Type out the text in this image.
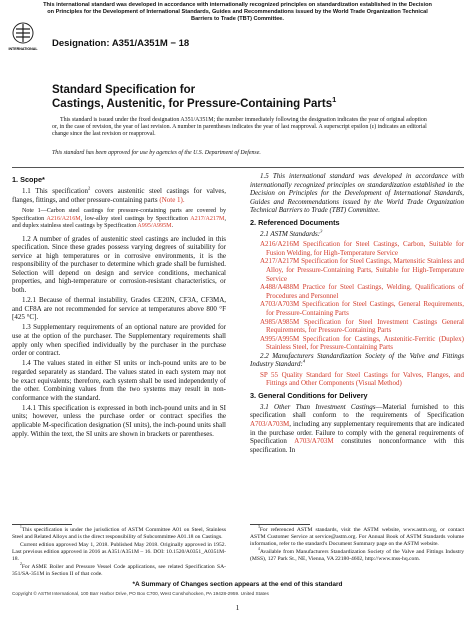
This international standard was developed in accordance with internationally recognized principles on standardization established in the Decision on Principles for the Development of International Standards, Guides and Recommendations issued by the World Trade Organization Technical Barriers to Trade (TBT) Committee.
INTERNATIONAL Designation: A351/A351M − 18
Standard Specification for
Castings, Austenitic, for Pressure-Containing Parts$^1$

This standard is issued under the fixed designation A351/A351M; the number immediately following the designation indicates the year of original adoption or, in the case of revision, the year of last revision. A number in parentheses indicates the year of last reapproval. A superscript epsilon (ε) indicates an editorial change since the last revision or reapproval.

This standard has been approved for use by agencies of the U.S. Department of Defense.

1. Scope*

1.1 This specification$^2$ covers austenitic steel castings for valves, flanges, fittings, and other pressure-containing parts (Note 1).

Note 1—Carbon steel castings for pressure-containing parts are covered by Specification A216/A216M, low-alloy steel castings by Specification A217/A217M, and duplex stainless steel castings by Specification A995/A995M.

1.2 A number of grades of austenitic steel castings are included in this specification. Since these grades possess varying degrees of suitability for service at high temperatures or in corrosive environments, it is the responsibility of the purchaser to determine which grade shall be furnished. Selection will depend on design and service conditions, mechanical properties, and high-temperature or corrosion-resistant characteristics, or both.

1.2.1 Because of thermal instability, Grades CE20N, CF3A, CF3MA, and CF8A are not recommended for service at temperatures above 800 °F [425 °C].

1.3 Supplementary requirements of an optional nature are provided for use at the option of the purchaser. The Supplementary requirements shall apply only when specified individually by the purchaser in the purchase order or contract.

1.4 The values stated in either SI units or inch-pound units are to be regarded separately as standard. The values stated in each system may not be exact equivalents; therefore, each system shall be used independently of the other. Combining values from the two systems may result in non-conformance with the standard.

1.4.1 This specification is expressed in both inch-pound units and in SI units; however, unless the purchase order or contract specifies the applicable M-specification designation (SI units), the inch-pound units shall apply. Within the text, the SI units are shown in brackets or parentheses.

1.5 This international standard was developed in accordance with internationally recognized principles on standardization established in the Decision on Principles for the Development of International Standards, Guides and Recommendations issued by the World Trade Organization Technical Barriers to Trade (TBT) Committee.

2. Referenced Documents

2.1 ASTM Standards:$^3$

A216/A216M Specification for Steel Castings, Carbon, Suitable for Fusion Welding, for High-Temperature Service

A217/A217M Specification for Steel Castings, Martensitic Stainless and Alloy, for Pressure-Containing Parts, Suitable for High-Temperature Service

A488/A488M Practice for Steel Castings, Welding, Qualifications of Procedures and Personnel

A703/A703M Specification for Steel Castings, General Requirements, for Pressure-Containing Parts

A985/A985M Specification for Steel Investment Castings General Requirements, for Pressure-Containing Parts

A995/A995M Specification for Castings, Austenitic-Ferritic (Duplex) Stainless Steel, for Pressure-Containing Parts

2.2 Manufacturers Standardization Society of the Valve and Fittings Industry Standard:$^4$

SP 55 Quality Standard for Steel Castings for Valves, Flanges, and Fittings and Other Components (Visual Method)

3. General Conditions for Delivery

3.1 Other Than Investment Castings—Material furnished to this specification shall conform to the requirements of Specification A703/A703M, including any supplementary requirements that are indicated in the purchase order. Failure to comply with the general requirements of Specification A703/A703M constitutes nonconformance with this specification. In

$^1$This specification is under the jurisdiction of ASTM Committee A01 on Steel, Stainless Steel and Related Alloys and is the direct responsibility of Subcommittee A01.18 on Castings.

Current edition approved May 1, 2018. Published May 2018. Originally approved in 1952. Last previous edition approved in 2016 as A351/A351M – 16. DOI: 10.1520/A0351_A0351M-18.

$^2$For ASME Boiler and Pressure Vessel Code applications, see related Specification SA-351/SA-351M in Section II of that code.

$^3$For referenced ASTM standards, visit the ASTM website, www.astm.org, or contact ASTM Customer Service at service@astm.org. For Annual Book of ASTM Standards volume information, refer to the standard's Document Summary page on the ASTM website.

$^4$Available from Manufacturers Standardization Society of the Valve and Fittings Industry (MSS), 127 Park St., NE, Vienna, VA 22180-4602, http://www.mss-hq.com.

*A Summary of Changes section appears at the end of this standard
Copyright © ASTM International, 100 Barr Harbor Drive, PO Box C700, West Conshohocken, PA 19428-2959. United States
1
